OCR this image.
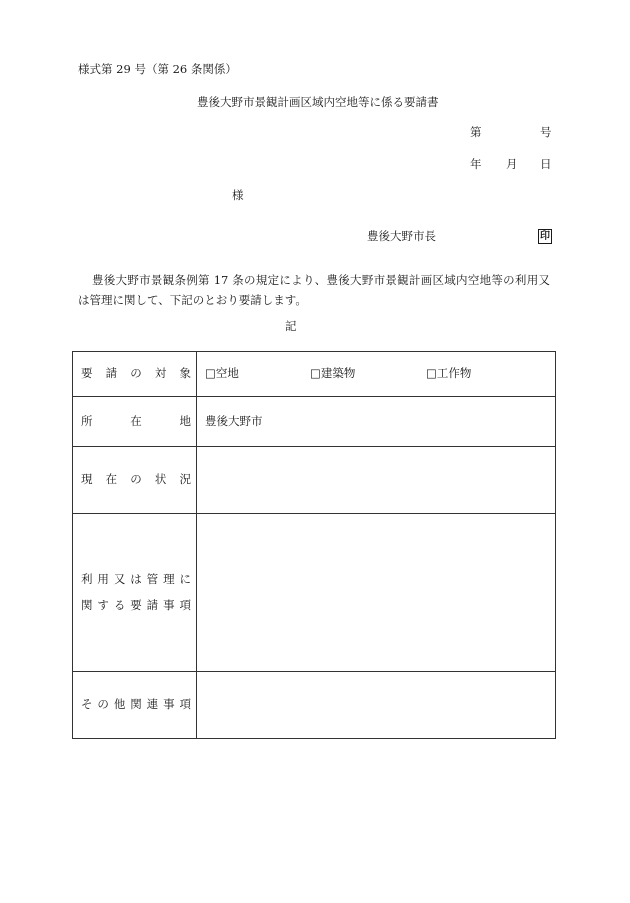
様式第 29 号（第 26 条関係）
豊後大野市景観計画区域内空地等に係る要請書
第	号
年 月 日
様
豊後大野市長	印
豊後大野市景観条例第 17 条の規定により、豊後大野市景観計画区域内空地等の利用又は管理に関して、下記のとおり要請します。
記
要請の対象	□空地 □建築物 □工作物

所在地	豊後大野市

現在の状況	

利用又は管理に
関する要請事項	

その他関連事項	
